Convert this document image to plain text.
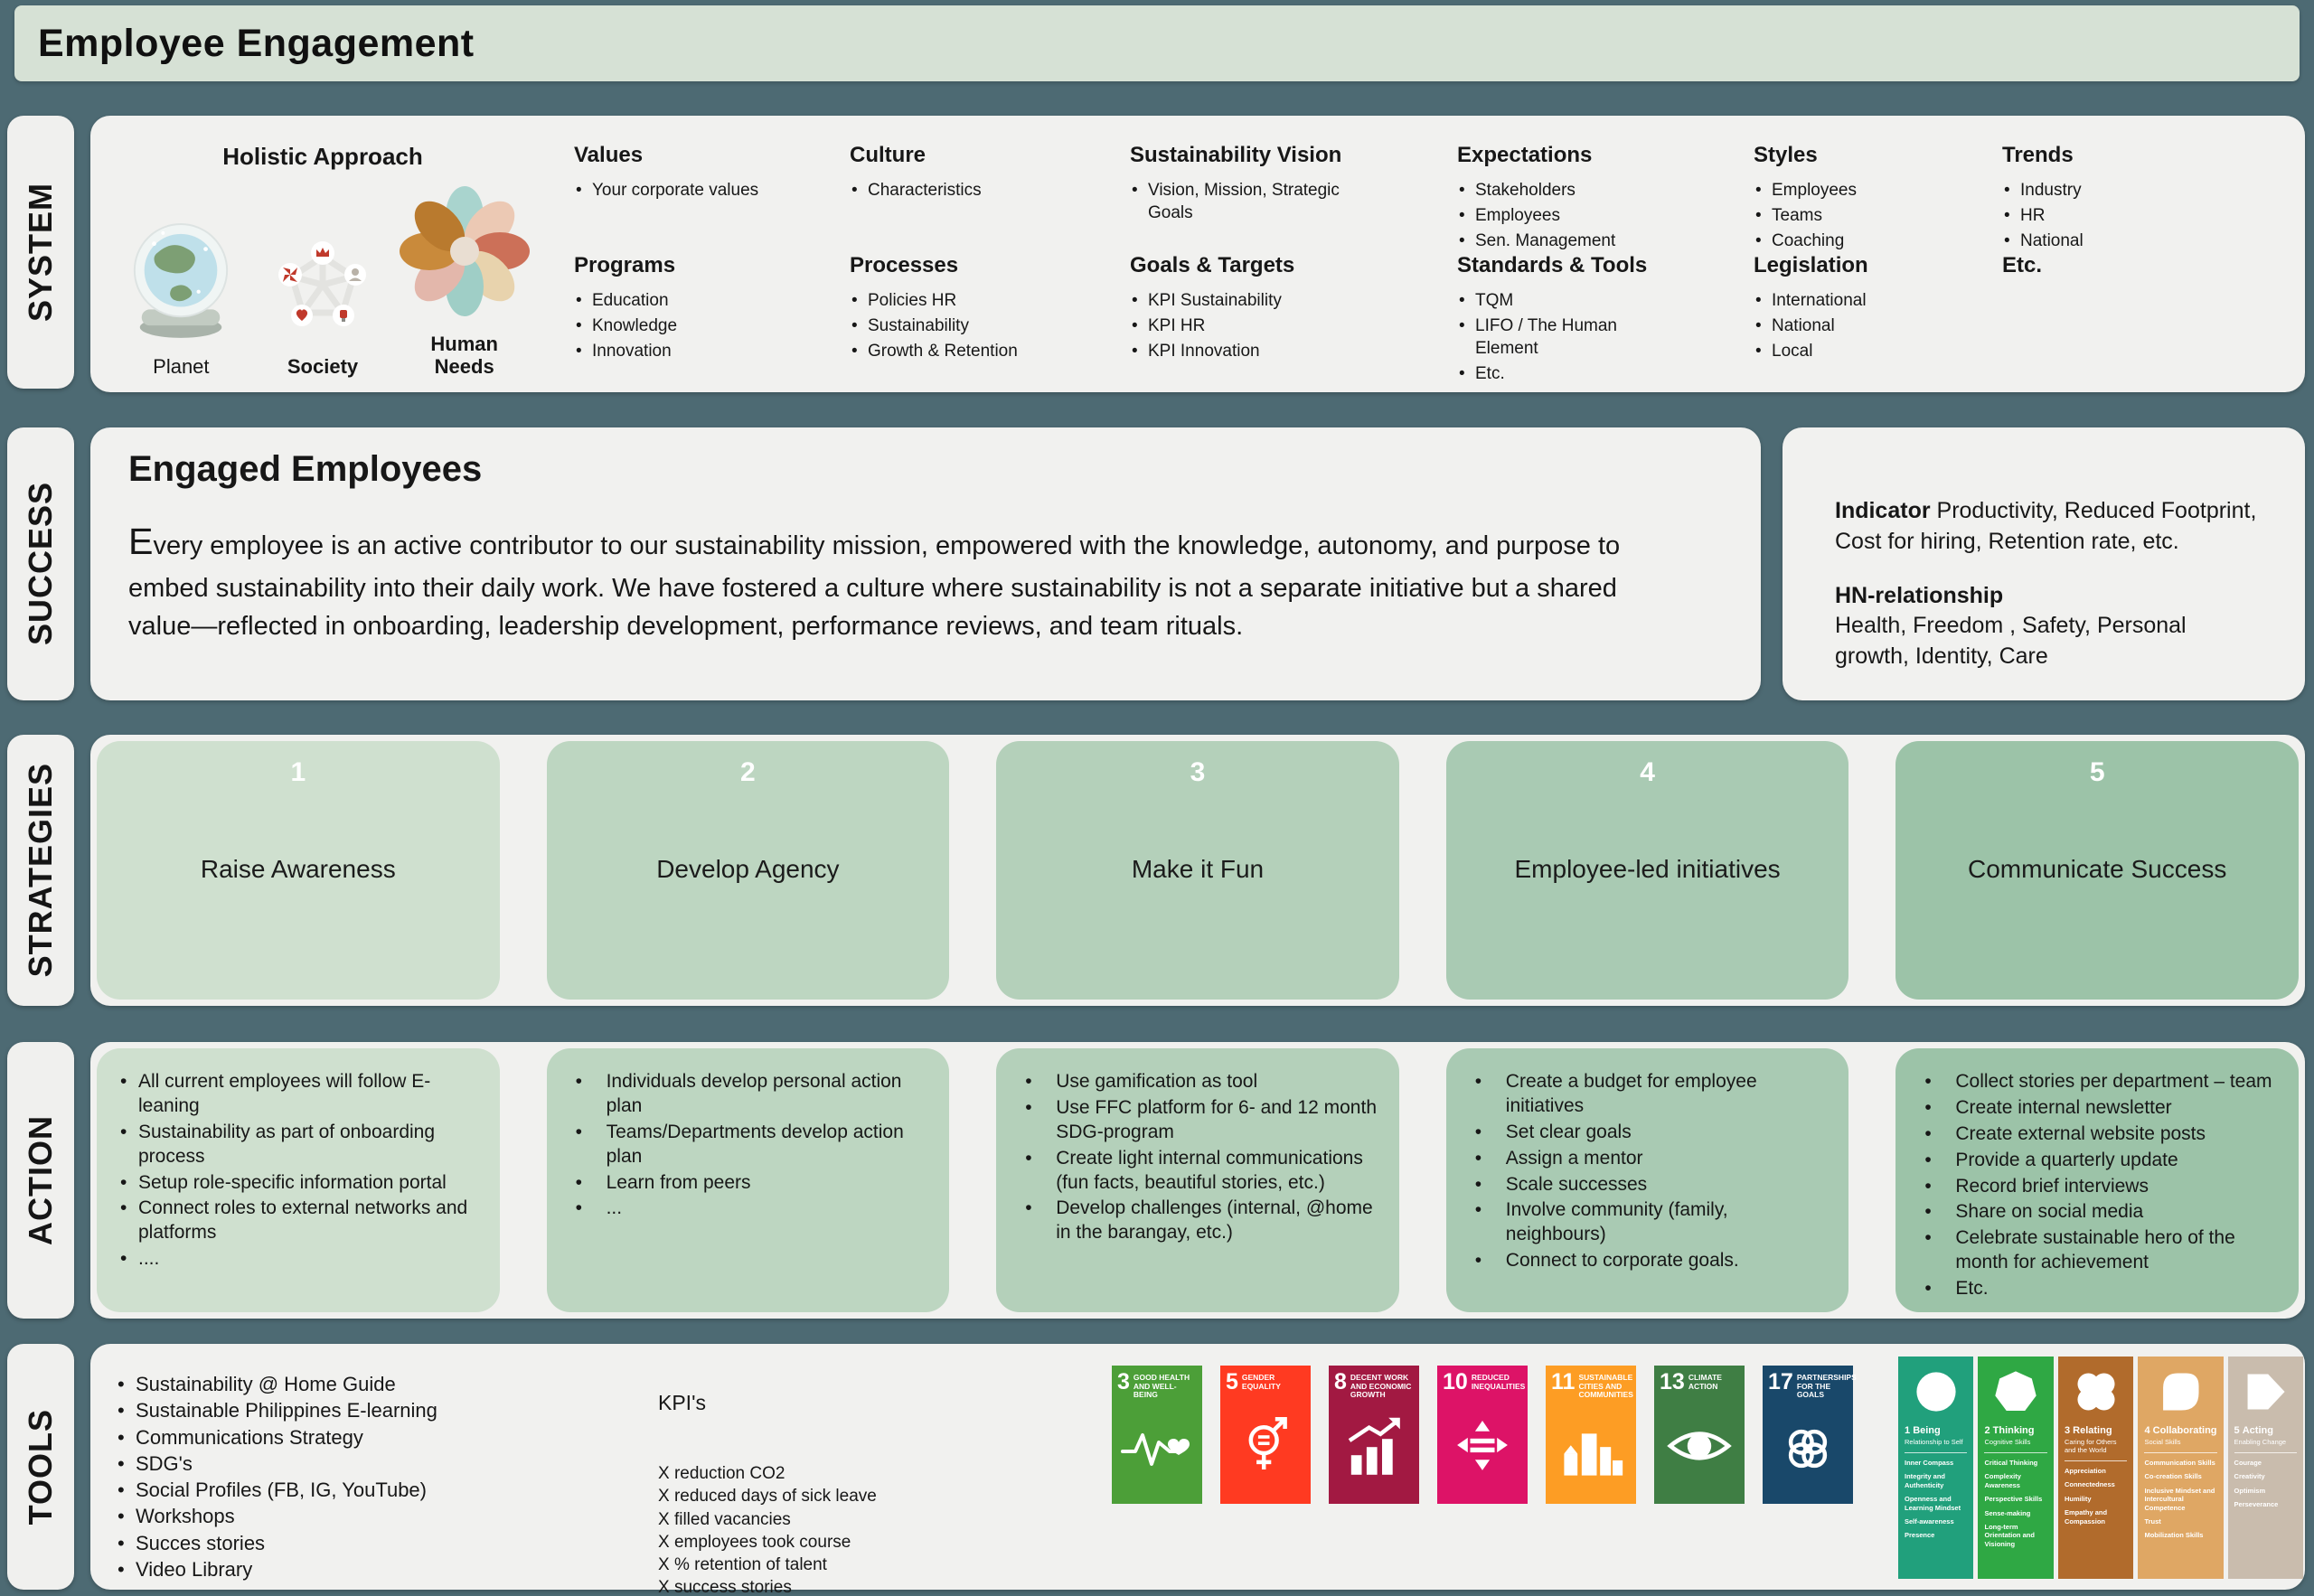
Employee Engagement
SYSTEM
SUCCESS
STRATEGIES
ACTION
TOOLS
Holistic Approach
Planet	Society
Human Needs

Values

• Your corporate values

Programs

• Education
• Knowledge
• Innovation

Culture

• Characteristics

Processes

• Policies HR
• Sustainability
• Growth & Retention

Sustainability Vision

• Vision, Mission, Strategic Goals

Goals & Targets

• KPI Sustainability
• KPI HR
• KPI Innovation

Expectations

• Stakeholders
• Employees
• Sen. Management

Standards & Tools

• TQM
• LIFO / The Human Element
• Etc.

Styles

• Employees
• Teams
• Coaching

Legislation

• International
• National
• Local

Trends

• Industry
• HR
• National

Etc.

Engaged Employees

Every employee is an active contributor to our sustainability mission, empowered with the knowledge, autonomy, and purpose to embed sustainability into their daily work. We have fostered a culture where sustainability is not a separate initiative but a shared value—reflected in onboarding, leadership development, performance reviews, and team rituals.

Indicator Productivity, Reduced Footprint, Cost for hiring, Retention rate, etc.
HN-relationship
Health, Freedom , Safety, Personal growth, Identity, Care
1
Raise Awareness
2
Develop Agency
3
Make it Fun
4
Employee-led initiatives
5
Communicate Success
• All current employees will follow E-leaning
• Sustainability as part of onboarding process
• Setup role-specific information portal
• Connect roles to external networks and platforms
• ....
• Individuals develop personal action plan
• Teams/Departments develop action plan
• Learn from peers
• ...
• Use gamification as tool
• Use FFC platform for 6- and 12 month SDG-program
• Create light internal communications (fun facts, beautiful stories, etc.)
• Develop challenges (internal, @home in the barangay, etc.)
• Create a budget for employee initiatives
• Set clear goals
• Assign a mentor
• Scale successes
• Involve community (family, neighbours)
• Connect to corporate goals.
• Collect stories per department – team
• Create internal newsletter
• Create external website posts
• Provide a quarterly update
• Record brief interviews
• Share on social media
• Celebrate sustainable hero of the month for achievement
• Etc.
• Sustainability @ Home Guide
• Sustainable Philippines E-learning
• Communications Strategy
• SDG's
• Social Profiles (FB, IG, YouTube)
• Workshops
• Succes stories
• Video Library

KPI's

X reduction CO2
X reduced days of sick leave
X filled vacancies
X employees took course
X % retention of talent
X success stories
3 GOOD HEALTH AND WELL-BEING
5 GENDER EQUALITY	8 DECENT WORK AND ECONOMIC GROWTH
10 REDUCED INEQUALITIES 11 SUSTAINABLE CITIES AND COMMUNITIES
13 CLIMATE ACTION	17 PARTNERSHIPS FOR THE GOALS
1 Being
Relationship to Self
Inner Compass
Integrity and Authenticity
Openness and Learning Mindset
Self-awareness
Presence
2 Thinking
Cognitive Skills
Critical Thinking
Complexity Awareness
Perspective Skills
Sense-making
Long-term Orientation and Visioning
3 Relating
Caring for Others and the World
Appreciation
Connectedness
Humility
Empathy and Compassion
4 Collaborating
Social Skills
Communication Skills
Co-creation Skills
Inclusive Mindset and Intercultural Competence
Trust
Mobilization Skills
5 Acting
Enabling Change
Courage
Creativity
Optimism
Perseverance
